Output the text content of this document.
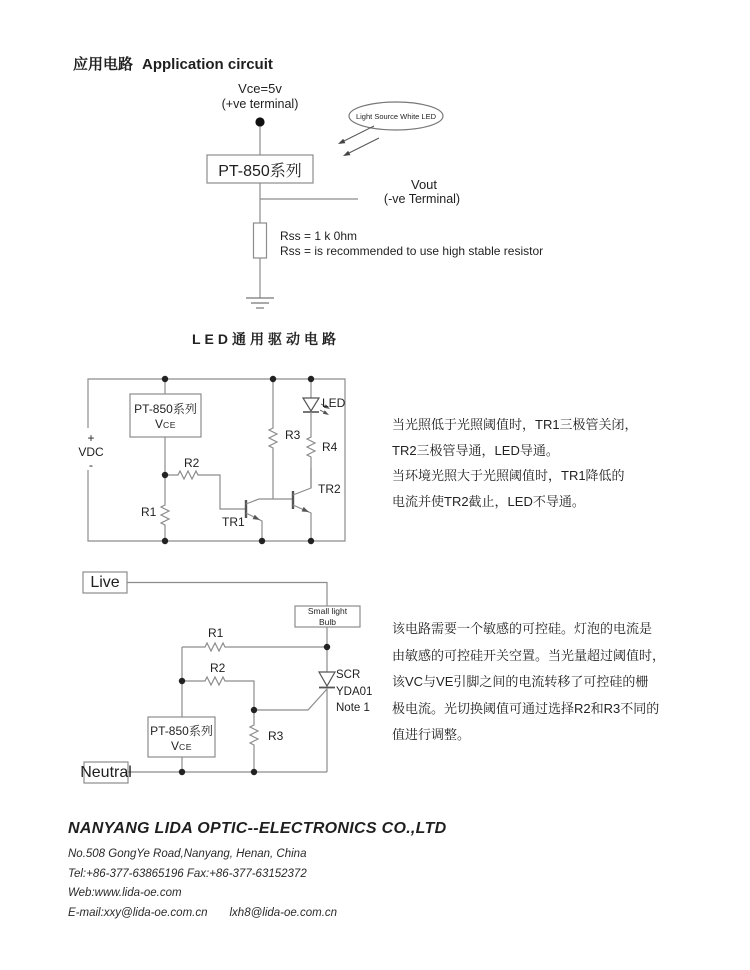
应用电路 Application circuit
Vce=5v
(+ve terminal)
PT-850系列
Light Source White LED
Vout
(-ve Terminal)
Rss = 1 k 0hm
Rss = is recommended to use high stable resistor
LED通用驱动电路
+
VDC
-
PT-850系列
VCE
R2
R1
R3
R4
LED
TR1
TR2
当光照低于光照阈值时，TR1三极管关闭，
TR2三极管导通，LED导通。
当环境光照大于光照阈值时，TR1降低的
电流并使TR2截止，LED不导通。
Live
Small light
Bulb
R1
R2
R3
SCR
YDA01
Note 1
PT-850系列
VCE
Neutral
该电路需要一个敏感的可控硅。灯泡的电流是
由敏感的可控硅开关空置。当光量超过阈值时，
该VC与VE引脚之间的电流转移了可控硅的栅
极电流。光切换阈值可通过选择R2和R3不同的
值进行调整。
NANYANG LIDA OPTIC--ELECTRONICS CO.,LTD
No.508 GongYe Road,Nanyang, Henan, China
Tel:+86-377-63865196 Fax:+86-377-63152372
Web:www.lida-oe.com
E-mail:xxy@lida-oe.com.cn lxh8@lida-oe.com.cn
